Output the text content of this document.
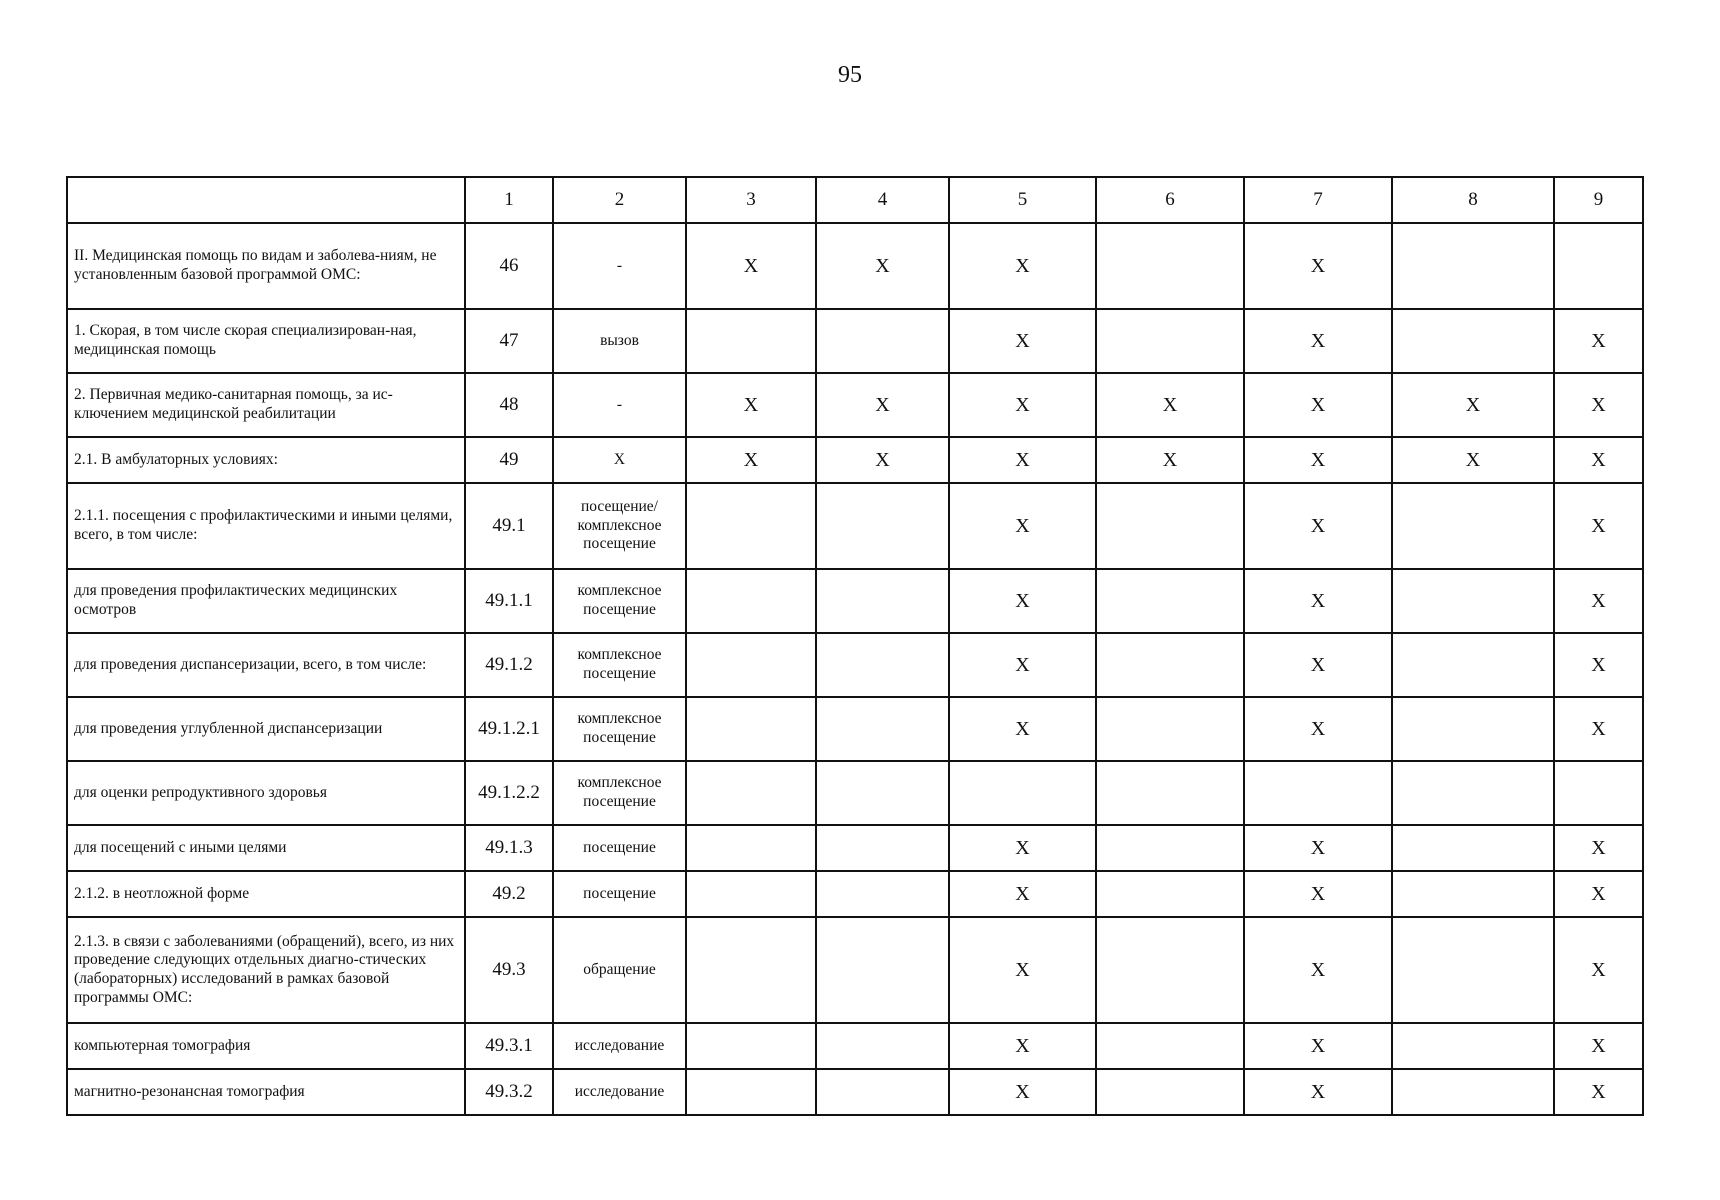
95
	1	2	3	4	5	6	7	8	9
II. Медицинская помощь по видам и заболева-ниям, не установленным базовой программой ОМС:	46	-	X	X	X		X		
1. Скорая, в том числе скорая специализирован-ная, медицинская помощь	47	вызов			X		X		X
2. Первичная медико-санитарная помощь, за ис-ключением медицинской реабилитации	48	-	X	X	X	X	X	X	X
2.1. В амбулаторных условиях:	49	X	X	X	X	X	X	X	X
2.1.1. посещения с профилактическими и иными целями, всего, в том числе:	49.1	посещение/ комплексное посещение			X		X		X
для проведения профилактических медицинских осмотров	49.1.1	комплексное посещение			X		X		X
для проведения диспансеризации, всего, в том числе:	49.1.2	комплексное посещение			X		X		X
для проведения углубленной диспансеризации	49.1.2.1	комплексное посещение			X		X		X
для оценки репродуктивного здоровья	49.1.2.2	комплексное посещение							
для посещений с иными целями	49.1.3	посещение			X		X		X
2.1.2. в неотложной форме	49.2	посещение			X		X		X
2.1.3. в связи с заболеваниями (обращений), всего, из них проведение следующих отдельных диагно-стических (лабораторных) исследований в рамках базовой программы ОМС:	49.3	обращение			X		X		X
компьютерная томография	49.3.1	исследование			X		X		X
магнитно-резонансная томография	49.3.2	исследование			X		X		X
